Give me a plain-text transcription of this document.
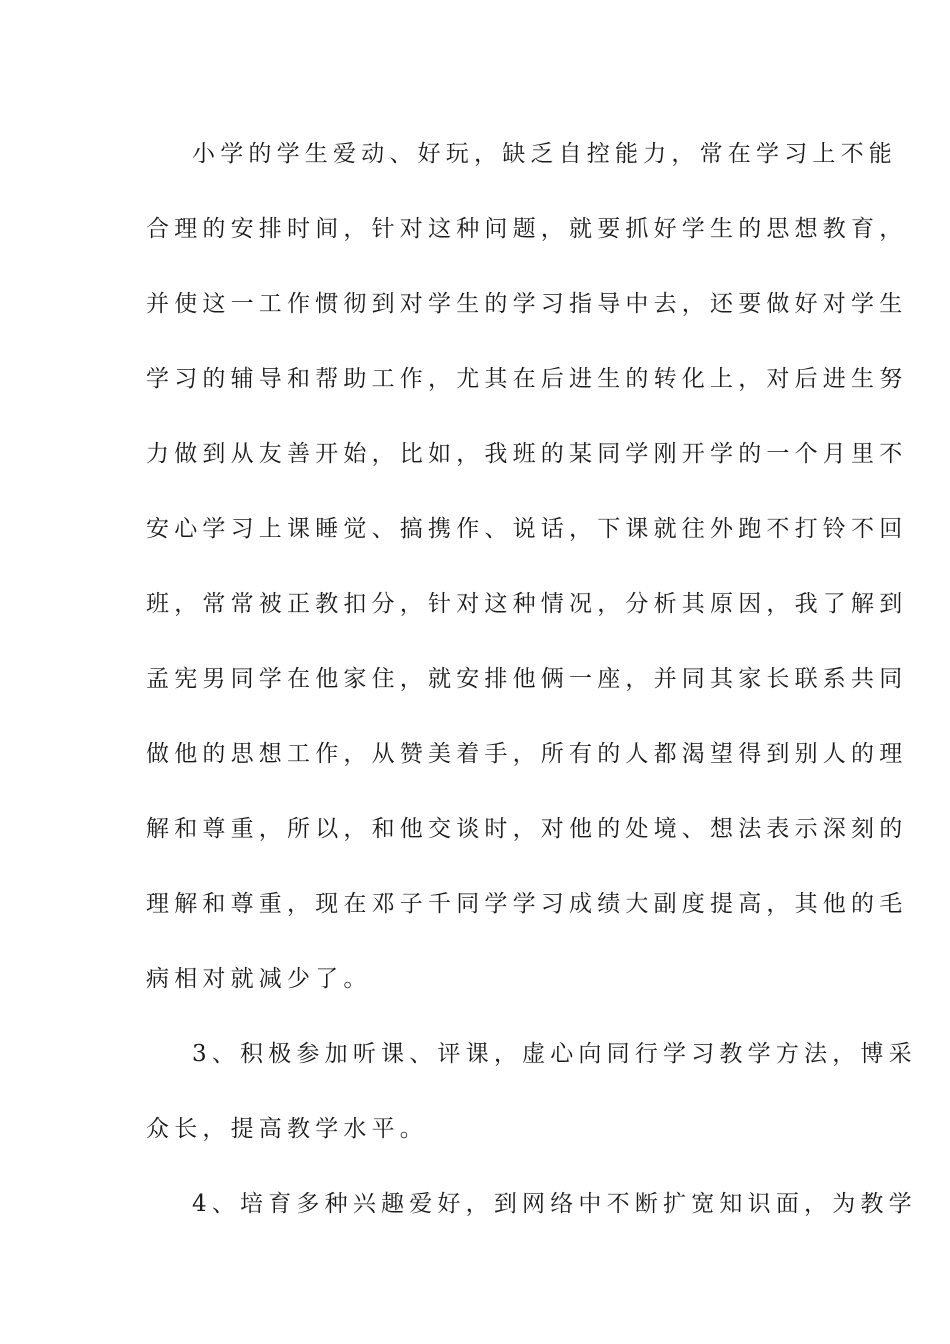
小学的学生爱动、好玩，缺乏自控能力，常在学习上不能
合理的安排时间，针对这种问题，就要抓好学生的思想教育，
并使这一工作惯彻到对学生的学习指导中去，还要做好对学生
学习的辅导和帮助工作，尤其在后进生的转化上，对后进生努
力做到从友善开始，比如，我班的某同学刚开学的一个月里不
安心学习上课睡觉、搞携作、说话，下课就往外跑不打铃不回
班，常常被正教扣分，针对这种情况，分析其原因，我了解到
孟宪男同学在他家住，就安排他俩一座，并同其家长联系共同
做他的思想工作，从赞美着手，所有的人都渴望得到别人的理
解和尊重，所以，和他交谈时，对他的处境、想法表示深刻的
理解和尊重，现在邓子千同学学习成绩大副度提高，其他的毛
病相对就减少了。
3、积极参加听课、评课，虚心向同行学习教学方法，博采
众长，提高教学水平。
4、培育多种兴趣爱好，到网络中不断扩宽知识面，为教学
